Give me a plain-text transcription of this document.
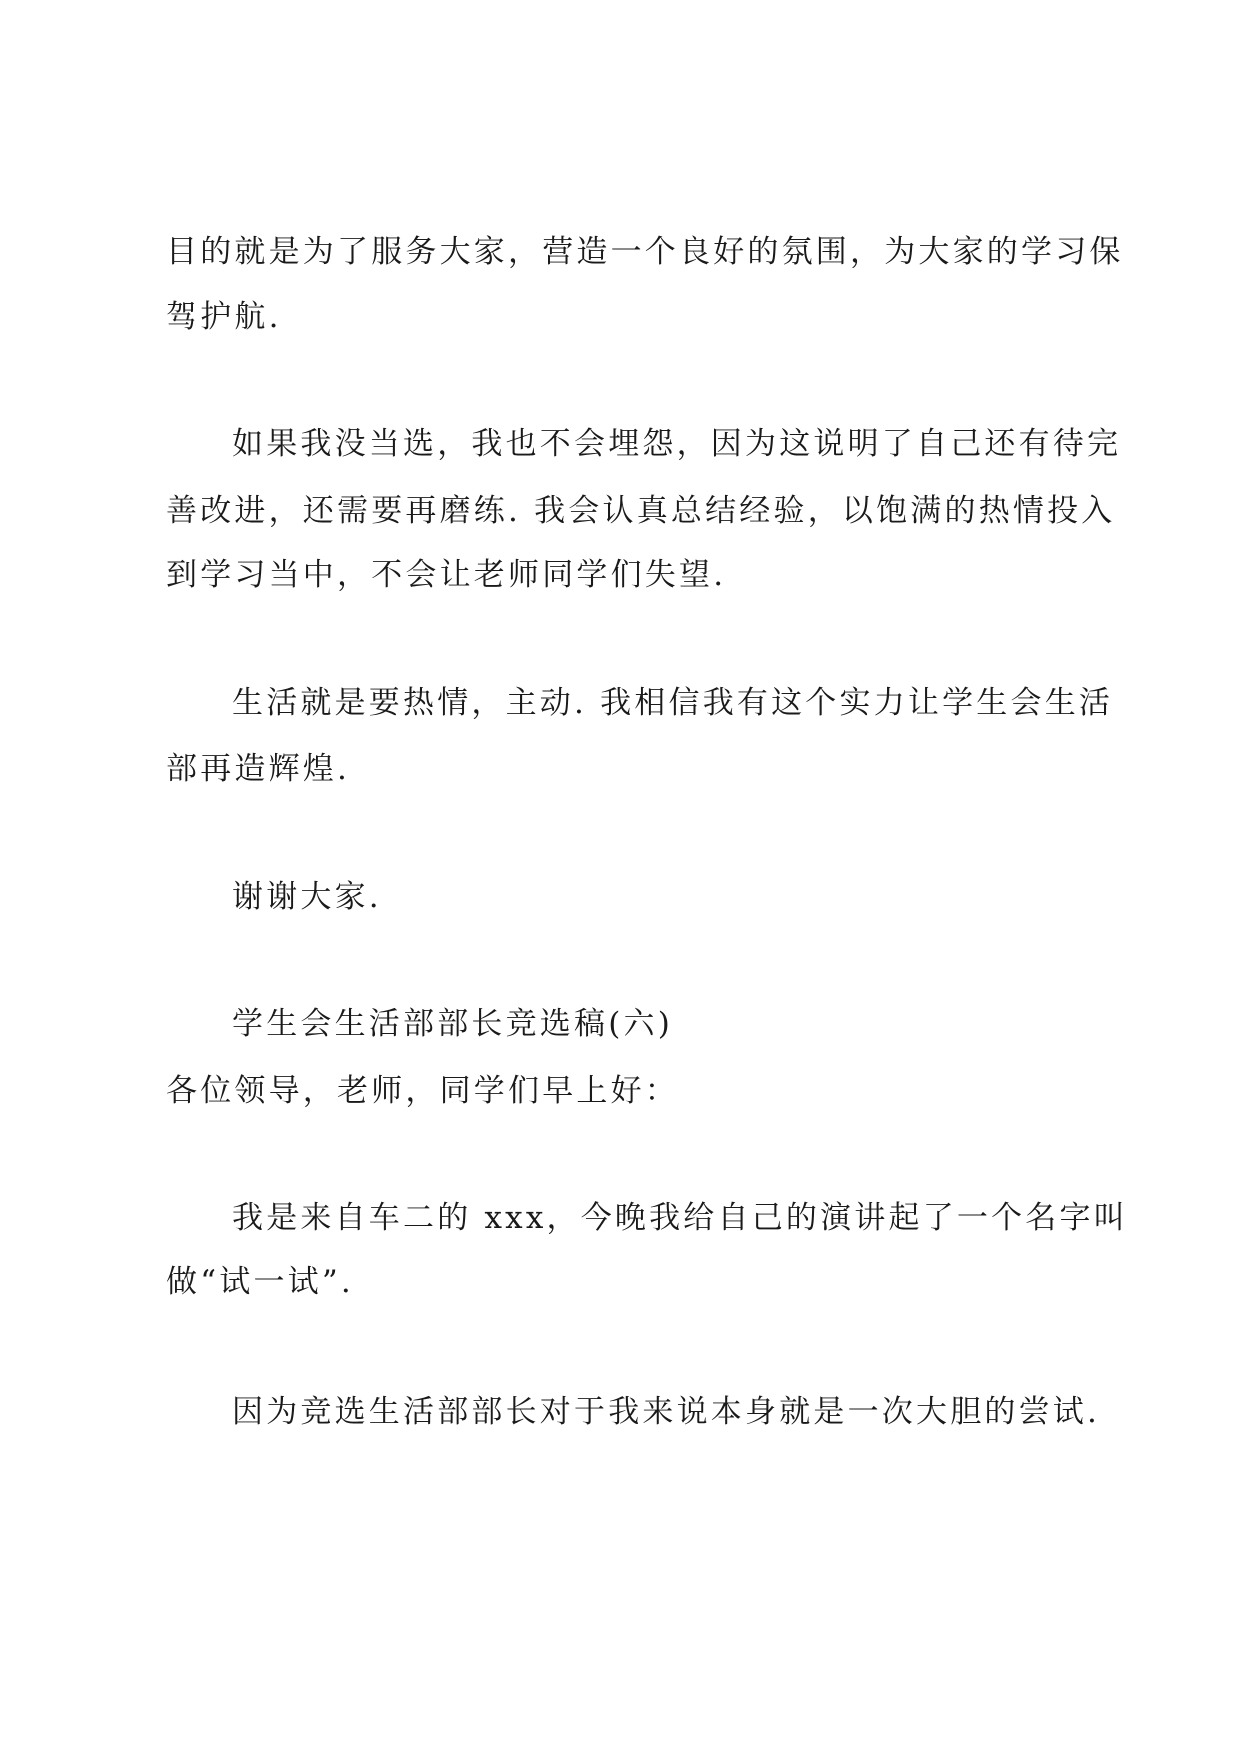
目的就是为了服务大家，营造一个良好的氛围，为大家的学习保
驾护航.
如果我没当选，我也不会埋怨，因为这说明了自己还有待完
善改进，还需要再磨练. 我会认真总结经验，以饱满的热情投入
到学习当中，不会让老师同学们失望.
生活就是要热情，主动. 我相信我有这个实力让学生会生活
部再造辉煌.
谢谢大家.
学生会生活部部长竞选稿(六)
各位领导，老师，同学们早上好：
我是来自车二的 xxx，今晚我给自己的演讲起了一个名字叫
做“试一试”.
因为竞选生活部部长对于我来说本身就是一次大胆的尝试.
